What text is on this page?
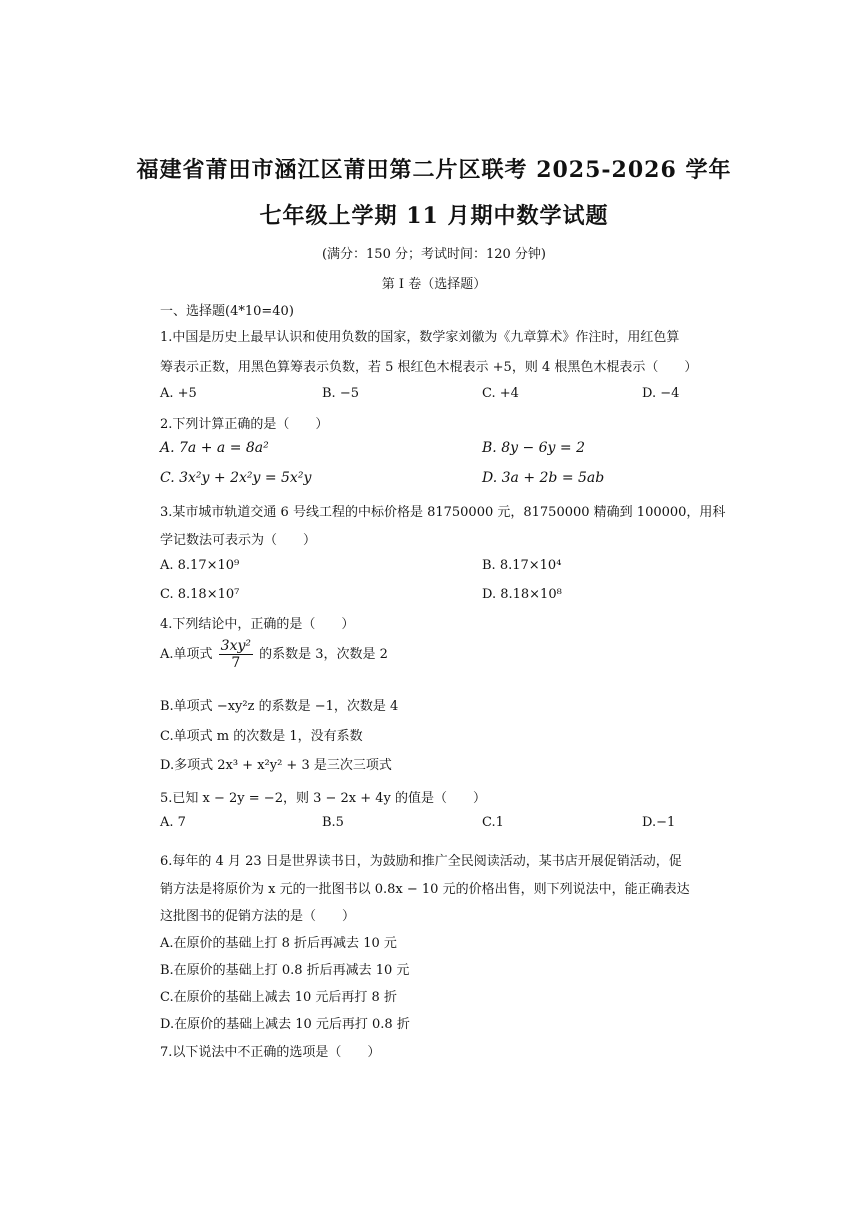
福建省莆田市涵江区莆田第二片区联考 2025-2026 学年
七年级上学期 11 月期中数学试题
(满分：150 分；考试时间：120 分钟)
第 I 卷（选择题）
一、选择题(4*10=40)
1.中国是历史上最早认识和使用负数的国家，数学家刘徽为《九章算术》作注时，用红色算
筹表示正数，用黑色算筹表示负数，若 5 根红色木棍表示 +5，则 4 根黑色木棍表示（　　）
A. +5	B. −5	C. +4	D. −4
2.下列计算正确的是（　　）
A. 7a + a = 8a²	B. 8y − 6y = 2
C. 3x²y + 2x²y = 5x²y	D. 3a + 2b = 5ab
3.某市城市轨道交通 6 号线工程的中标价格是 81750000 元，81750000 精确到 100000，用科
学记数法可表示为（　　）
A. 8.17×10⁹	B. 8.17×10⁴
C. 8.18×10⁷	D. 8.18×10⁸
4.下列结论中，正确的是（　　）
A.单项式 $\frac{\text{3xy²}}{7}$ 的系数是 3，次数是 2
B.单项式 −xy²z 的系数是 −1，次数是 4
C.单项式 m 的次数是 1，没有系数
D.多项式 2x³ + x²y² + 3 是三次三项式
5.已知 x − 2y = −2，则 3 − 2x + 4y 的值是（　　）
A. 7	B.5	C.1	D.−1
6.每年的 4 月 23 日是世界读书日，为鼓励和推广全民阅读活动，某书店开展促销活动，促
销方法是将原价为 x 元的一批图书以 0.8x − 10 元的价格出售，则下列说法中，能正确表达
这批图书的促销方法的是（　　）
A.在原价的基础上打 8 折后再减去 10 元
B.在原价的基础上打 0.8 折后再减去 10 元
C.在原价的基础上减去 10 元后再打 8 折
D.在原价的基础上减去 10 元后再打 0.8 折
7.以下说法中不正确的选项是（　　）
